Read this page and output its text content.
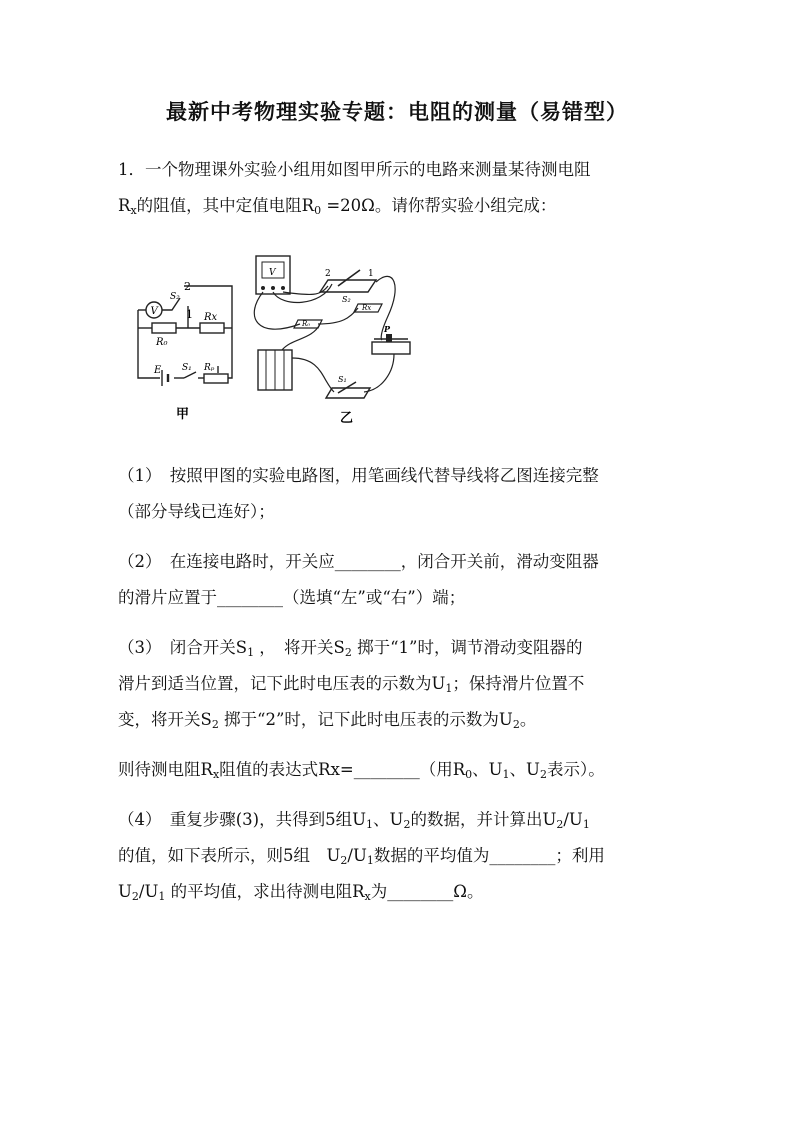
最新中考物理实验专题：电阻的测量（易错型）
1．一个物理课外实验小组用如图甲所示的电路来测量某待测电阻
$R_x$的阻值，其中定值电阻$R_0 =20\Omega$。请你帮实验小组完成：
V
S₂
2
1 Rx
R₀
E S₁ Rₚ
甲
V	2	1
S₂
R₀
Rx
P
S₁
乙
（1）　按照甲图的实验电路图，用笔画线代替导线将乙图连接完整
（部分导线已连好）；
（2）　在连接电路时，开关应________，闭合开关前，滑动变阻器
的滑片应置于________（选填“左”或“右”）端；
（3）　闭合开关$S_1$ ，　将开关$S_2$ 掷于“1”时，调节滑动变阻器的
滑片到适当位置，记下此时电压表的示数为$U_1$；保持滑片位置不
变，将开关$S_2$ 掷于“2”时，记下此时电压表的示数为$U_2$。
则待测电阻$R_x$阻值的表达式Rx=________（用$R_0$、$U_1$、$U_2$表示）。
（4）　重复步骤(3)，共得到5组$U_1$、$U_2$的数据，并计算出$U_2/U_1$
的值，如下表所示，则5组　$U_2/U_1$数据的平均值为________；利用
$U_2/U_1$ 的平均值，求出待测电阻$R_x$为________Ω。
